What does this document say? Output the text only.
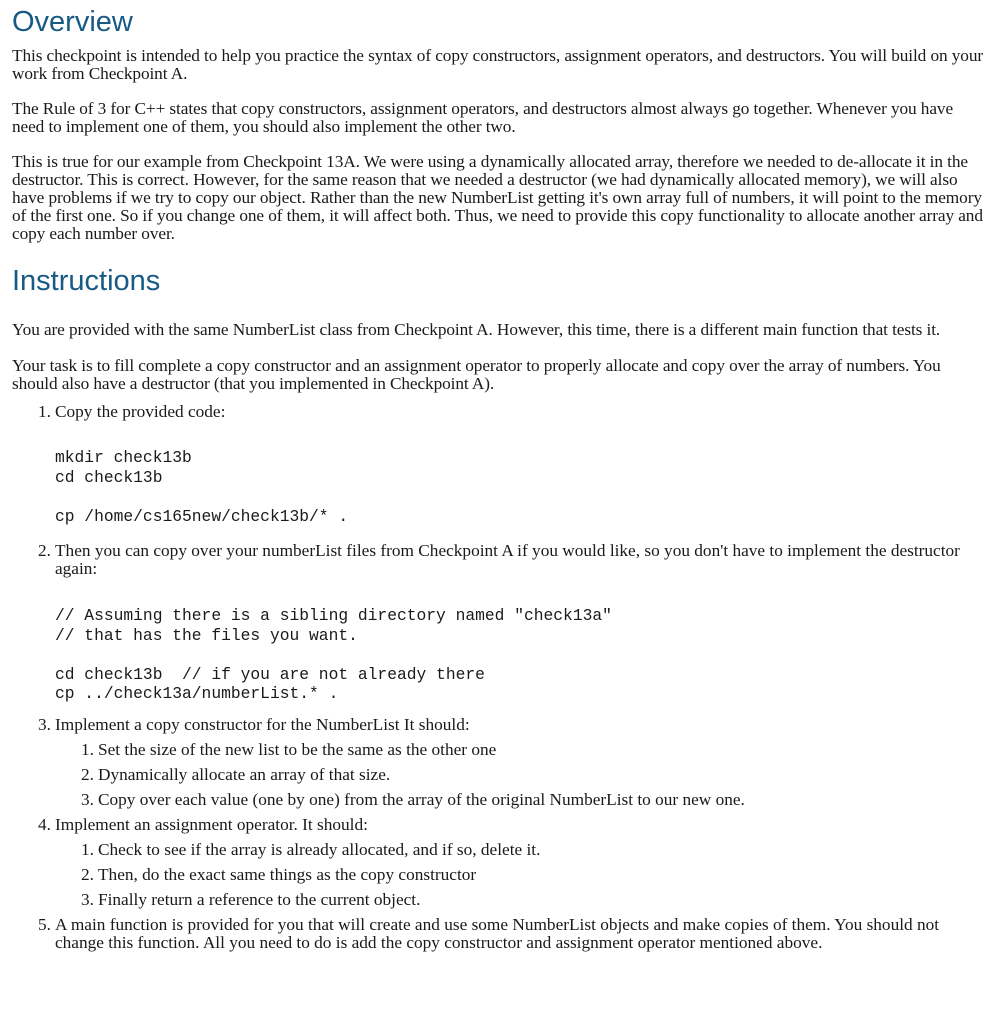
Overview

This checkpoint is intended to help you practice the syntax of copy constructors, assignment operators, and destructors. You will build on your work from Checkpoint A.

The Rule of 3 for C++ states that copy constructors, assignment operators, and destructors almost always go together. Whenever you have need to implement one of them, you should also implement the other two.

This is true for our example from Checkpoint 13A. We were using a dynamically allocated array, therefore we needed to de-allocate it in the destructor. This is correct. However, for the same reason that we needed a destructor (we had dynamically allocated memory), we will also have problems if we try to copy our object. Rather than the new NumberList getting it's own array full of numbers, it will point to the memory of the first one. So if you change one of them, it will affect both. Thus, we need to provide this copy functionality to allocate another array and copy each number over.

Instructions

You are provided with the same NumberList class from Checkpoint A. However, this time, there is a different main function that tests it.

Your task is to fill complete a copy constructor and an assignment operator to properly allocate and copy over the array of numbers. You should also have a destructor (that you implemented in Checkpoint A).

1. Copy the provided code:
mkdir check13b
cd check13b
cp /home/cs165new/check13b/* .
2. Then you can copy over your numberList files from Checkpoint A if you would like, so you don't have to implement the destructor again:
// Assuming there is a sibling directory named "check13a"
// that has the files you want.
cd check13b  // if you are not already there
cp ../check13a/numberList.* .
3. Implement a copy constructor for the NumberList It should:
1. Set the size of the new list to be the same as the other one
2. Dynamically allocate an array of that size.
3. Copy over each value (one by one) from the array of the original NumberList to our new one.
4. Implement an assignment operator. It should:
1. Check to see if the array is already allocated, and if so, delete it.
2. Then, do the exact same things as the copy constructor
3. Finally return a reference to the current object.
5. A main function is provided for you that will create and use some NumberList objects and make copies of them. You should not change this function. All you need to do is add the copy constructor and assignment operator mentioned above.
